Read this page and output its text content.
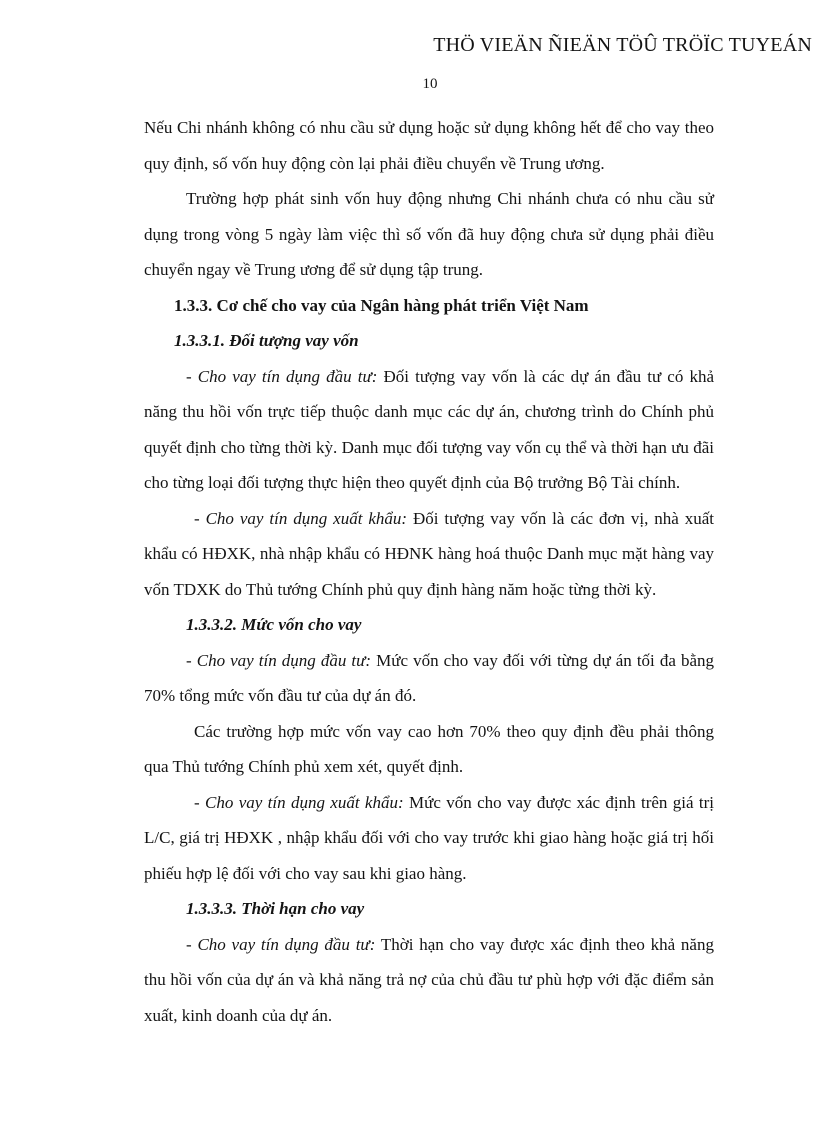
THÖ VIEÄN ÑIEÄN TÖÛ TRÖÏC TUYEÁN
10

Nếu Chi nhánh không có nhu cầu sử dụng hoặc sử dụng không hết để cho vay theo quy định, số vốn huy động còn lại phải điều chuyển về Trung ương.

Trường hợp phát sinh vốn huy động nhưng Chi nhánh chưa có nhu cầu sử dụng trong vòng 5 ngày làm việc thì số vốn đã huy động chưa sử dụng phải điều chuyển ngay về Trung ương để sử dụng tập trung.

1.3.3. Cơ chế cho vay của Ngân hàng phát triển Việt Nam

1.3.3.1. Đối tượng vay vốn

- Cho vay tín dụng đầu tư: Đối tượng vay vốn là các dự án đầu tư có khả năng thu hồi vốn trực tiếp thuộc danh mục các dự án, chương trình do Chính phủ quyết định cho từng thời kỳ. Danh mục đối tượng vay vốn cụ thể và thời hạn ưu đãi cho từng loại đối tượng thực hiện theo quyết định của Bộ trưởng Bộ Tài chính.

- Cho vay tín dụng xuất khẩu: Đối tượng vay vốn là các đơn vị, nhà xuất khẩu có HĐXK, nhà nhập khẩu có HĐNK hàng hoá thuộc Danh mục mặt hàng vay vốn TDXK do Thủ tướng Chính phủ quy định hàng năm hoặc từng thời kỳ.

1.3.3.2. Mức vốn cho vay

- Cho vay tín dụng đầu tư: Mức vốn cho vay đối với từng dự án tối đa bằng 70% tổng mức vốn đầu tư của dự án đó.

Các trường hợp mức vốn vay cao hơn 70% theo quy định đều phải thông qua Thủ tướng Chính phủ xem xét, quyết định.

- Cho vay tín dụng xuất khẩu: Mức vốn cho vay được xác định trên giá trị L/C, giá trị HĐXK , nhập khẩu đối với cho vay trước khi giao hàng hoặc giá trị hối phiếu hợp lệ đối với cho vay sau khi giao hàng.

1.3.3.3. Thời hạn cho vay

- Cho vay tín dụng đầu tư: Thời hạn cho vay được xác định theo khả năng thu hồi vốn của dự án và khả năng trả nợ của chủ đầu tư phù hợp với đặc điểm sản xuất, kinh doanh của dự án.
